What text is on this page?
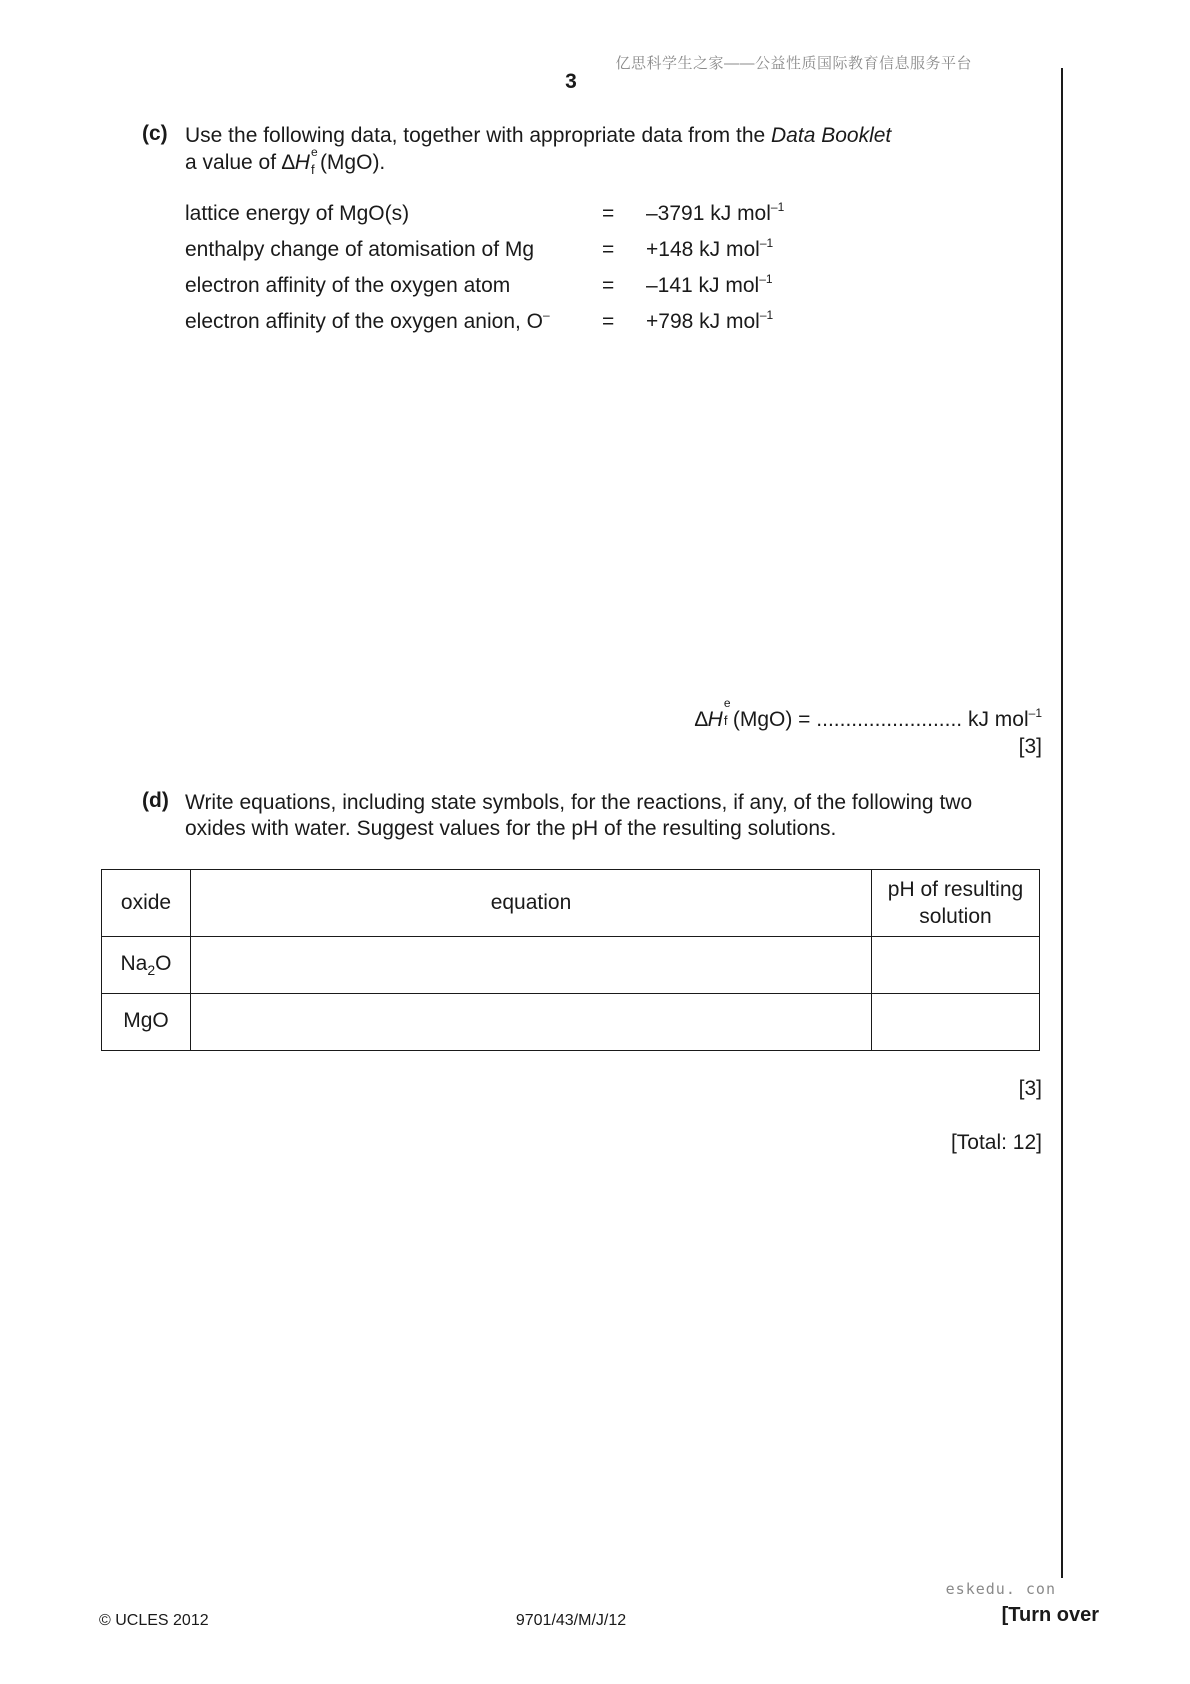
亿思科学生之家——公益性质国际教育信息服务平台
3
(c) Use the following data, together with appropriate data from the Data Booklet
a value of ∆H e
f (MgO).
lattice energy of MgO(s)	= –3791 kJ mol$^{-1}$
enthalpy change of atomisation of Mg	= +148 kJ mol$^{-1}$
electron affinity of the oxygen atom	= –141 kJ mol$^{-1}$
electron affinity of the oxygen anion, O– = +798 kJ mol$^{-1}$
∆H
e
f (MgO) = ......................... kJ mol$^{-1}$
[3]
(d) Write equations, including state symbols, for the reactions, if any, of the following two
oxides with water. Suggest values for the pH of the resulting solutions.
oxide	equation	pH of resulting
solution
$Na_2O$		
MgO		
[3]
[Total: 12]
eskedu. con
© UCLES 2012	9701/43/M/J/12	[Turn over
